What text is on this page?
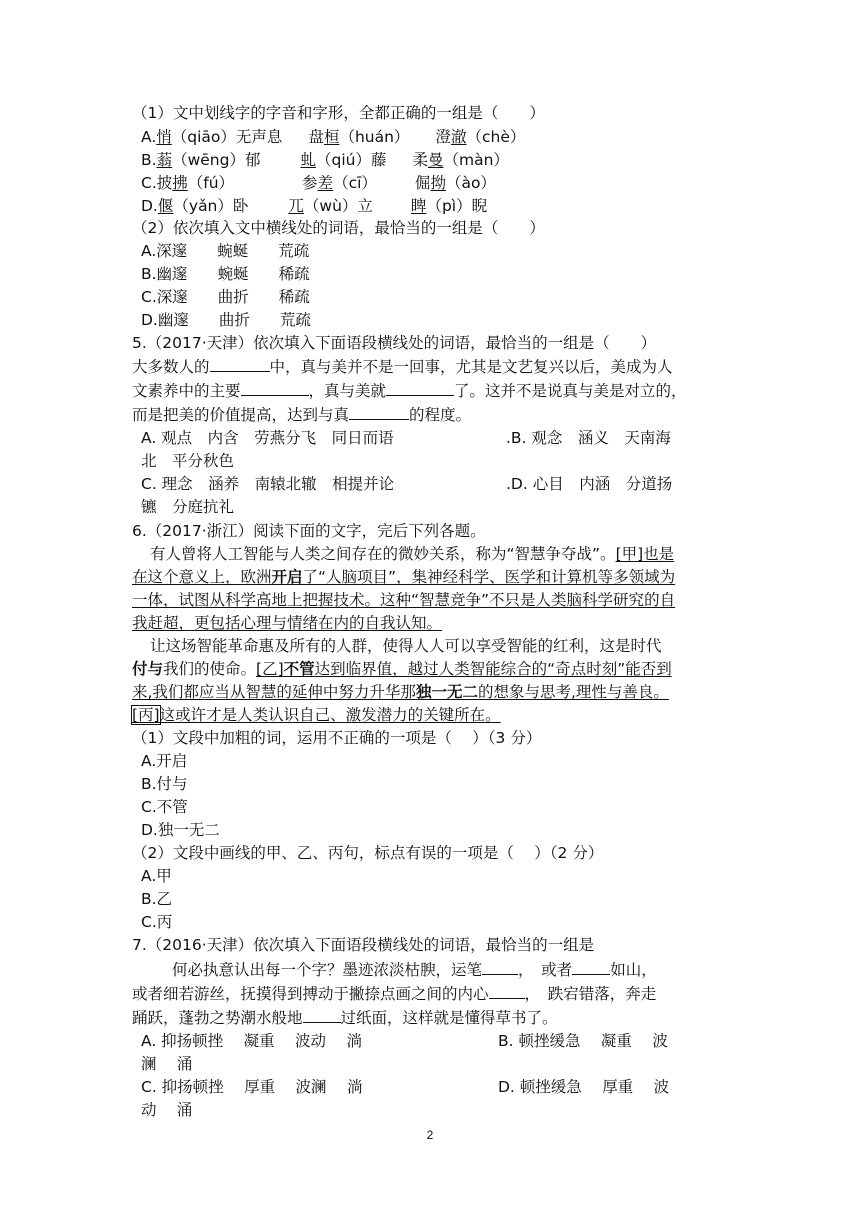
（1）文中划线字的字音和字形，全都正确的一组是（　　）
A.悄（qiāo）无声息 盘桓（huán） 澄澈（chè）
B.蓊（wēng）郁	虬（qiú）藤 柔曼（màn）
C.披拂（fú）	参差（cī） 倔拗（ào）
D.偃（yǎn）卧	兀（wù）立 睥（pì）睨
（2）依次填入文中横线处的词语，最恰当的一组是（　　）
A.深邃 蜿蜒 荒疏
B.幽邃 蜿蜒 稀疏
C.深邃 曲折 稀疏
D.幽邃 曲折 荒疏
5.（2017·天津）依次填入下面语段横线处的词语，最恰当的一组是（　　）
大多数人的	中，真与美并不是一回事，尤其是文艺复兴以后，美成为人
文素养中的主要	，真与美就	了。这并不是说真与美是对立的，
而是把美的价值提高，达到与真	的程度。
A. 观点　内含　劳燕分飞　同日而语	.B. 观念　涵义　天南海
北　平分秋色
C. 理念　涵养　南辕北辙　相提并论	.D. 心目　内涵　分道扬
镳　分庭抗礼
6.（2017·浙江）阅读下面的文字，完后下列各题。
有人曾将人工智能与人类之间存在的微妙关系，称为“智慧争夺战”。[甲]也是
在这个意义上，欧洲开启了“人脑项目”，集神经科学、医学和计算机等多领域为
一体，试图从科学高地上把握技术。这种“智慧竞争”不只是人类脑科学研究的自
我赶超，更包括心理与情绪在内的自我认知。
让这场智能革命惠及所有的人群，使得人人可以享受智能的红利，这是时代
付与我们的使命。[乙]不管达到临界值，越过人类智能综合的“奇点时刻”能否到
来,我们都应当从智慧的延伸中努力升华那独一无二的想象与思考,理性与善良。
[丙]这或许才是人类认识自己、激发潜力的关键所在。
（1）文段中加粗的词，运用不正确的一项是（　 ）（3 分）
A.开启
B.付与
C.不管
D.独一无二
（2）文段中画线的甲、乙、丙句，标点有误的一项是（　 ）（2 分）
A.甲
B.乙
C.丙
7.（2016·天津）依次填入下面语段横线处的词语，最恰当的一组是
何必执意认出每一个字？墨迹浓淡枯腴，运笔 ，　或者 如山，
或者细若游丝，抚摸得到搏动于撇捺点画之间的内心 ，　跌宕错落，奔走
踊跃，蓬勃之势潮水般地 过纸面，这样就是懂得草书了。
A. 抑扬顿挫　 凝重　 波动　 淌	B. 顿挫缓急　 凝重　 波
澜　 涌
C. 抑扬顿挫　 厚重　 波澜　 淌	D. 顿挫缓急　 厚重　 波
动　 涌
2
